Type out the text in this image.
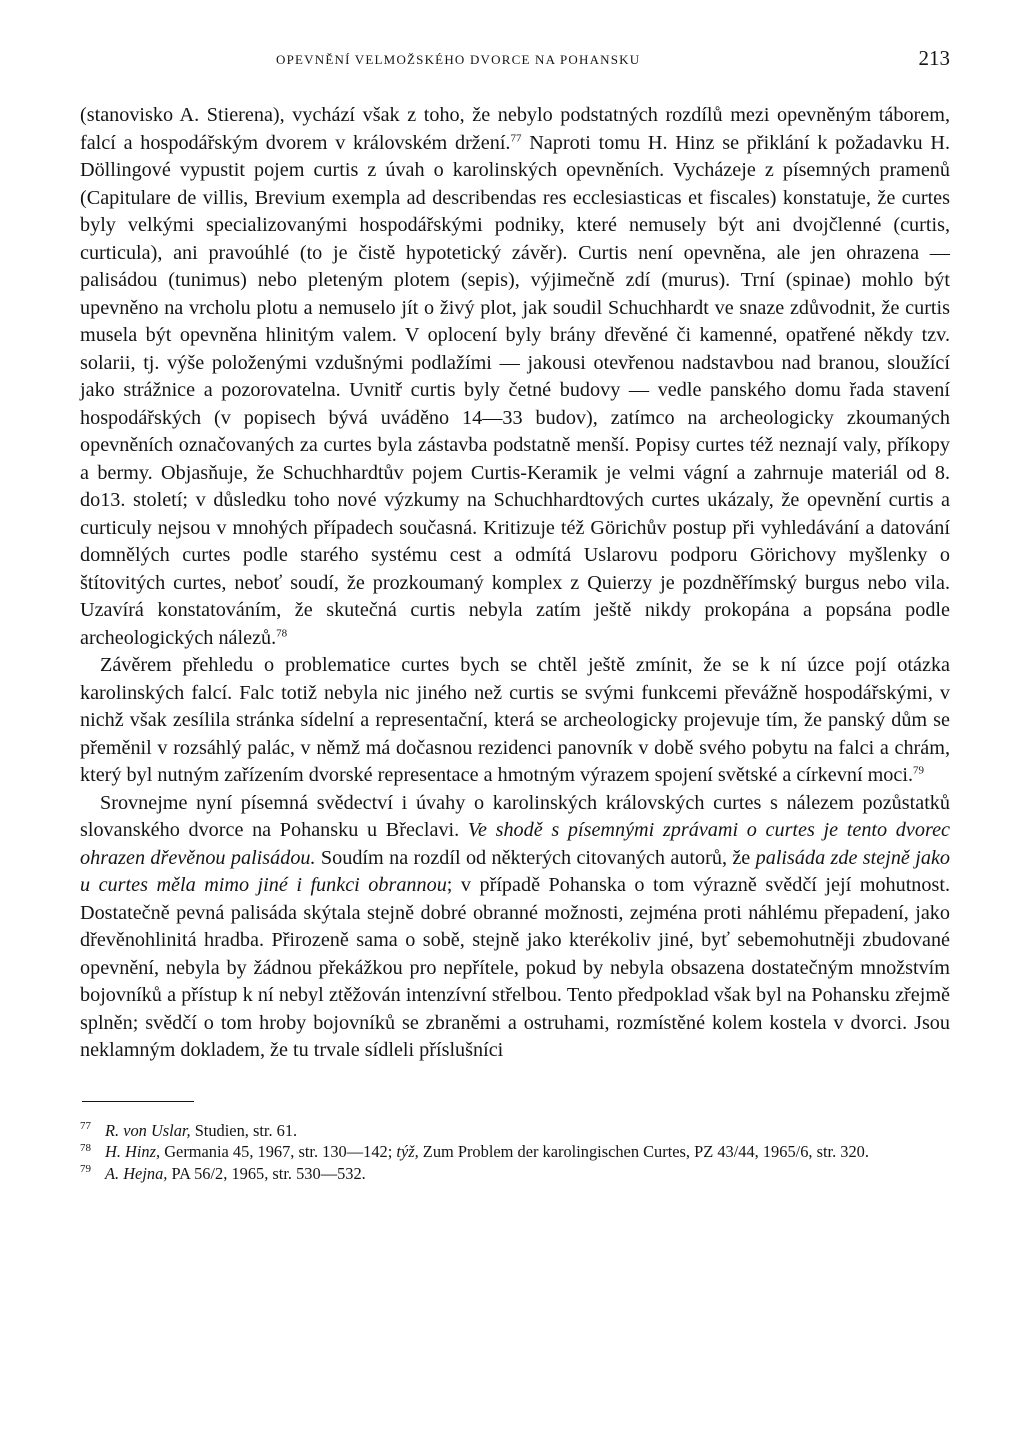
OPEVNĚNÍ VELMOŽSKÉHO DVORCE NA POHANSKU	213

(stanovisko A. Stierena), vychází však z toho, že nebylo podstatných rozdílů mezi opevněným táborem, falcí a hospodářským dvorem v královském držení.$^{77}$ Naproti tomu H. Hinz se přiklání k požadavku H. Döllingové vypustit pojem curtis z úvah o karolinských opevněních. Vycházeje z písemných pramenů (Capitulare de villis, Brevium exempla ad describendas res ecclesiasticas et fiscales) konstatuje, že curtes byly velkými specializovanými hospodářskými podniky, které nemusely být ani dvojčlenné (curtis, curticula), ani pravoúhlé (to je čistě hypotetický závěr). Curtis není opevněna, ale jen ohrazena — palisádou (tunimus) nebo pleteným plotem (sepis), výjimečně zdí (murus). Trní (spinae) mohlo být upevněno na vrcholu plotu a nemuselo jít o živý plot, jak soudil Schuchhardt ve snaze zdůvodnit, že curtis musela být opevněna hlinitým valem. V oplocení byly brány dřevěné či kamenné, opatřené někdy tzv. solarii, tj. výše položenými vzdušnými podlažími — jakousi otevřenou nadstavbou nad branou, sloužící jako strážnice a pozorovatelna. Uvnitř curtis byly četné budovy — vedle panského domu řada stavení hospodářských (v popisech bývá uváděno 14—33 budov), zatímco na archeologicky zkoumaných opevněních označovaných za curtes byla zástavba podstatně menší. Popisy curtes též neznají valy, příkopy a bermy. Objasňuje, že Schuchhardtův pojem Curtis-Keramik je velmi vágní a zahrnuje materiál od 8. do13. století; v důsledku toho nové výzkumy na Schuchhardtových curtes ukázaly, že opevnění curtis a curticuly nejsou v mnohých případech současná. Kritizuje též Görichův postup při vyhledávání a datování domnělých curtes podle starého systému cest a odmítá Uslarovu podporu Görichovy myšlenky o štítovitých curtes, neboť soudí, že prozkoumaný komplex z Quierzy je pozdněřímský burgus nebo vila. Uzavírá konstatováním, že skutečná curtis nebyla zatím ještě nikdy prokopána a popsána podle archeologických nálezů.$^{78}$

Závěrem přehledu o problematice curtes bych se chtěl ještě zmínit, že se k ní úzce pojí otázka karolinských falcí. Falc totiž nebyla nic jiného než curtis se svými funkcemi převážně hospodářskými, v nichž však zesílila stránka sídelní a representační, která se archeologicky projevuje tím, že panský dům se přeměnil v rozsáhlý palác, v němž má dočasnou rezidenci panovník v době svého pobytu na falci a chrám, který byl nutným zařízením dvorské representace a hmotným výrazem spojení světské a církevní moci.$^{79}$

Srovnejme nyní písemná svědectví i úvahy o karolinských královských curtes s nálezem pozůstatků slovanského dvorce na Pohansku u Břeclavi. Ve shodě s písemnými zprávami o curtes je tento dvorec ohrazen dřevěnou palisádou. Soudím na rozdíl od některých citovaných autorů, že palisáda zde stejně jako u curtes měla mimo jiné i funkci obrannou; v případě Pohanska o tom výrazně svědčí její mohutnost. Dostatečně pevná palisáda skýtala stejně dobré obranné možnosti, zejména proti náhlému přepadení, jako dřevěnohlinitá hradba. Přirozeně sama o sobě, stejně jako kterékoliv jiné, byť sebemohutněji zbudované opevnění, nebyla by žádnou překážkou pro nepřítele, pokud by nebyla obsazena dostatečným množstvím bojovníků a přístup k ní nebyl ztěžován intenzívní střelbou. Tento předpoklad však byl na Pohansku zřejmě splněn; svědčí o tom hroby bojovníků se zbraněmi a ostruhami, rozmístěné kolem kostela v dvorci. Jsou neklamným dokladem, že tu trvale sídleli příslušníci

77 R. von Uslar, Studien, str. 61.
78 H. Hinz, Germania 45, 1967, str. 130—142; týž, Zum Problem der karolingischen Curtes, PZ 43/44, 1965/6, str. 320.
79 A. Hejna, PA 56/2, 1965, str. 530—532.
